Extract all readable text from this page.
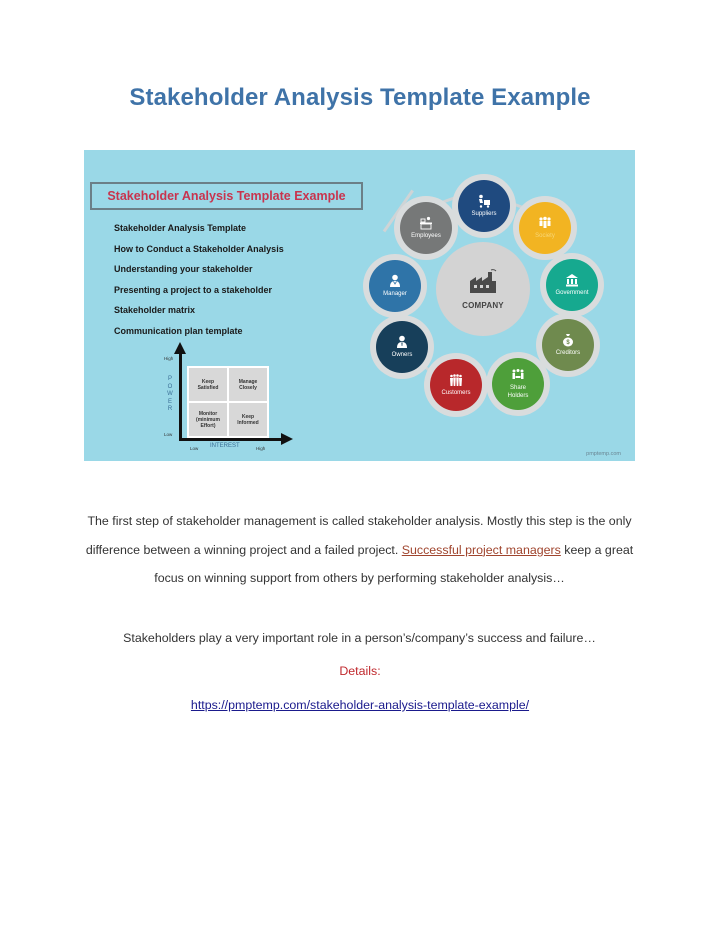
Stakeholder Analysis Template Example
Stakeholder Analysis Template Example
Stakeholder Analysis Template
How to Conduct a Stakeholder Analysis
Understanding your stakeholder
Presenting a project to a stakeholder
Stakeholder matrix
Communication plan template
High
Low
P
O
W
E
R
Keep Satisfied
Manage Closely
Monitor (minimum Effort)
Keep Informed
Low INTEREST	High
COMPANY
Suppliers
Society
Government
$
Creditors
Share Holders
Customers
Owners
Manager
Employees
pmptemp.com

The first step of stakeholder management is called stakeholder analysis. Mostly this step is the only difference between a winning project and a failed project. Successful project managers keep a great focus on winning support from others by performing stakeholder analysis…

Stakeholders play a very important role in a person’s/company’s success and failure…

Details:
https://pmptemp.com/stakeholder-analysis-template-example/
